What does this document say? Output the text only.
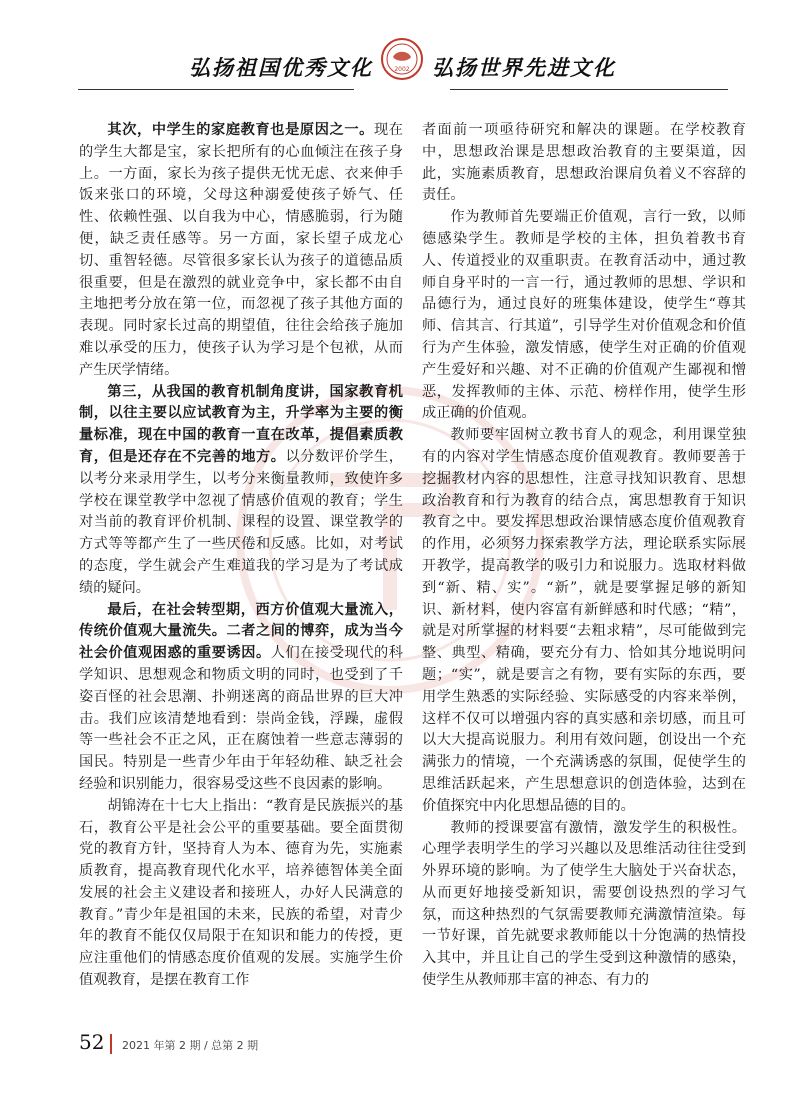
弘扬祖国优秀文化	2002 弘扬世界先进文化

其次，中学生的家庭教育也是原因之一。现在的学生大都是宝，家长把所有的心血倾注在孩子身上。一方面，家长为孩子提供无忧无虑、衣来伸手饭来张口的环境，父母这种溺爱使孩子娇气、任性、依赖性强、以自我为中心，情感脆弱，行为随便，缺乏责任感等。另一方面，家长望子成龙心切、重智轻德。尽管很多家长认为孩子的道德品质很重要，但是在激烈的就业竞争中，家长都不由自主地把考分放在第一位，而忽视了孩子其他方面的表现。同时家长过高的期望值，往往会给孩子施加难以承受的压力，使孩子认为学习是个包袱，从而产生厌学情绪。

第三，从我国的教育机制角度讲，国家教育机制，以往主要以应试教育为主，升学率为主要的衡量标准，现在中国的教育一直在改革，提倡素质教育，但是还存在不完善的地方。以分数评价学生，以考分来录用学生，以考分来衡量教师，致使许多学校在课堂教学中忽视了情感价值观的教育；学生对当前的教育评价机制、课程的设置、课堂教学的方式等等都产生了一些厌倦和反感。比如，对考试的态度，学生就会产生难道我的学习是为了考试成绩的疑问。

最后，在社会转型期，西方价值观大量流入，传统价值观大量流失。二者之间的博弈，成为当今社会价值观困惑的重要诱因。人们在接受现代的科学知识、思想观念和物质文明的同时，也受到了千姿百怪的社会思潮、扑朔迷离的商品世界的巨大冲击。我们应该清楚地看到：崇尚金钱，浮躁，虚假等一些社会不正之风，正在腐蚀着一些意志薄弱的国民。特别是一些青少年由于年轻幼稚、缺乏社会经验和识别能力，很容易受这些不良因素的影响。

胡锦涛在十七大上指出：“教育是民族振兴的基石，教育公平是社会公平的重要基础。要全面贯彻党的教育方针，坚持育人为本、德育为先，实施素质教育，提高教育现代化水平，培养德智体美全面发展的社会主义建设者和接班人，办好人民满意的教育。”青少年是祖国的未来，民族的希望，对青少年的教育不能仅仅局限于在知识和能力的传授，更应注重他们的情感态度价值观的发展。实施学生价值观教育，是摆在教育工作

者面前一项亟待研究和解决的课题。在学校教育中，思想政治课是思想政治教育的主要渠道，因此，实施素质教育，思想政治课肩负着义不容辞的责任。

作为教师首先要端正价值观，言行一致，以师德感染学生。教师是学校的主体，担负着教书育人、传道授业的双重职责。在教育活动中，通过教师自身平时的一言一行，通过教师的思想、学识和品德行为，通过良好的班集体建设，使学生“尊其师、信其言、行其道”，引导学生对价值观念和价值行为产生体验，激发情感，使学生对正确的价值观产生爱好和兴趣、对不正确的价值观产生鄙视和憎恶，发挥教师的主体、示范、榜样作用，使学生形成正确的价值观。

教师要牢固树立教书育人的观念，利用课堂独有的内容对学生情感态度价值观教育。教师要善于挖掘教材内容的思想性，注意寻找知识教育、思想政治教育和行为教育的结合点，寓思想教育于知识教育之中。要发挥思想政治课情感态度价值观教育的作用，必须努力探索教学方法，理论联系实际展开教学，提高教学的吸引力和说服力。选取材料做到“新、精、实”。“新”，就是要掌握足够的新知识、新材料，使内容富有新鲜感和时代感；“精”，就是对所掌握的材料要“去粗求精”，尽可能做到完整、典型、精确，要充分有力、恰如其分地说明问题；“实”，就是要言之有物，要有实际的东西，要用学生熟悉的实际经验、实际感受的内容来举例，这样不仅可以增强内容的真实感和亲切感，而且可以大大提高说服力。利用有效问题，创设出一个充满张力的情境，一个充满诱惑的氛围，促使学生的思维活跃起来，产生思想意识的创造体验，达到在价值探究中内化思想品德的目的。

教师的授课要富有激情，激发学生的积极性。心理学表明学生的学习兴趣以及思维活动往往受到外界环境的影响。为了使学生大脑处于兴奋状态，从而更好地接受新知识，需要创设热烈的学习气氛，而这种热烈的气氛需要教师充满激情渲染。每一节好课，首先就要求教师能以十分饱满的热情投入其中，并且让自己的学生受到这种激情的感染，使学生从教师那丰富的神态、有力的

52 2021 年第 2 期 / 总第 2 期
